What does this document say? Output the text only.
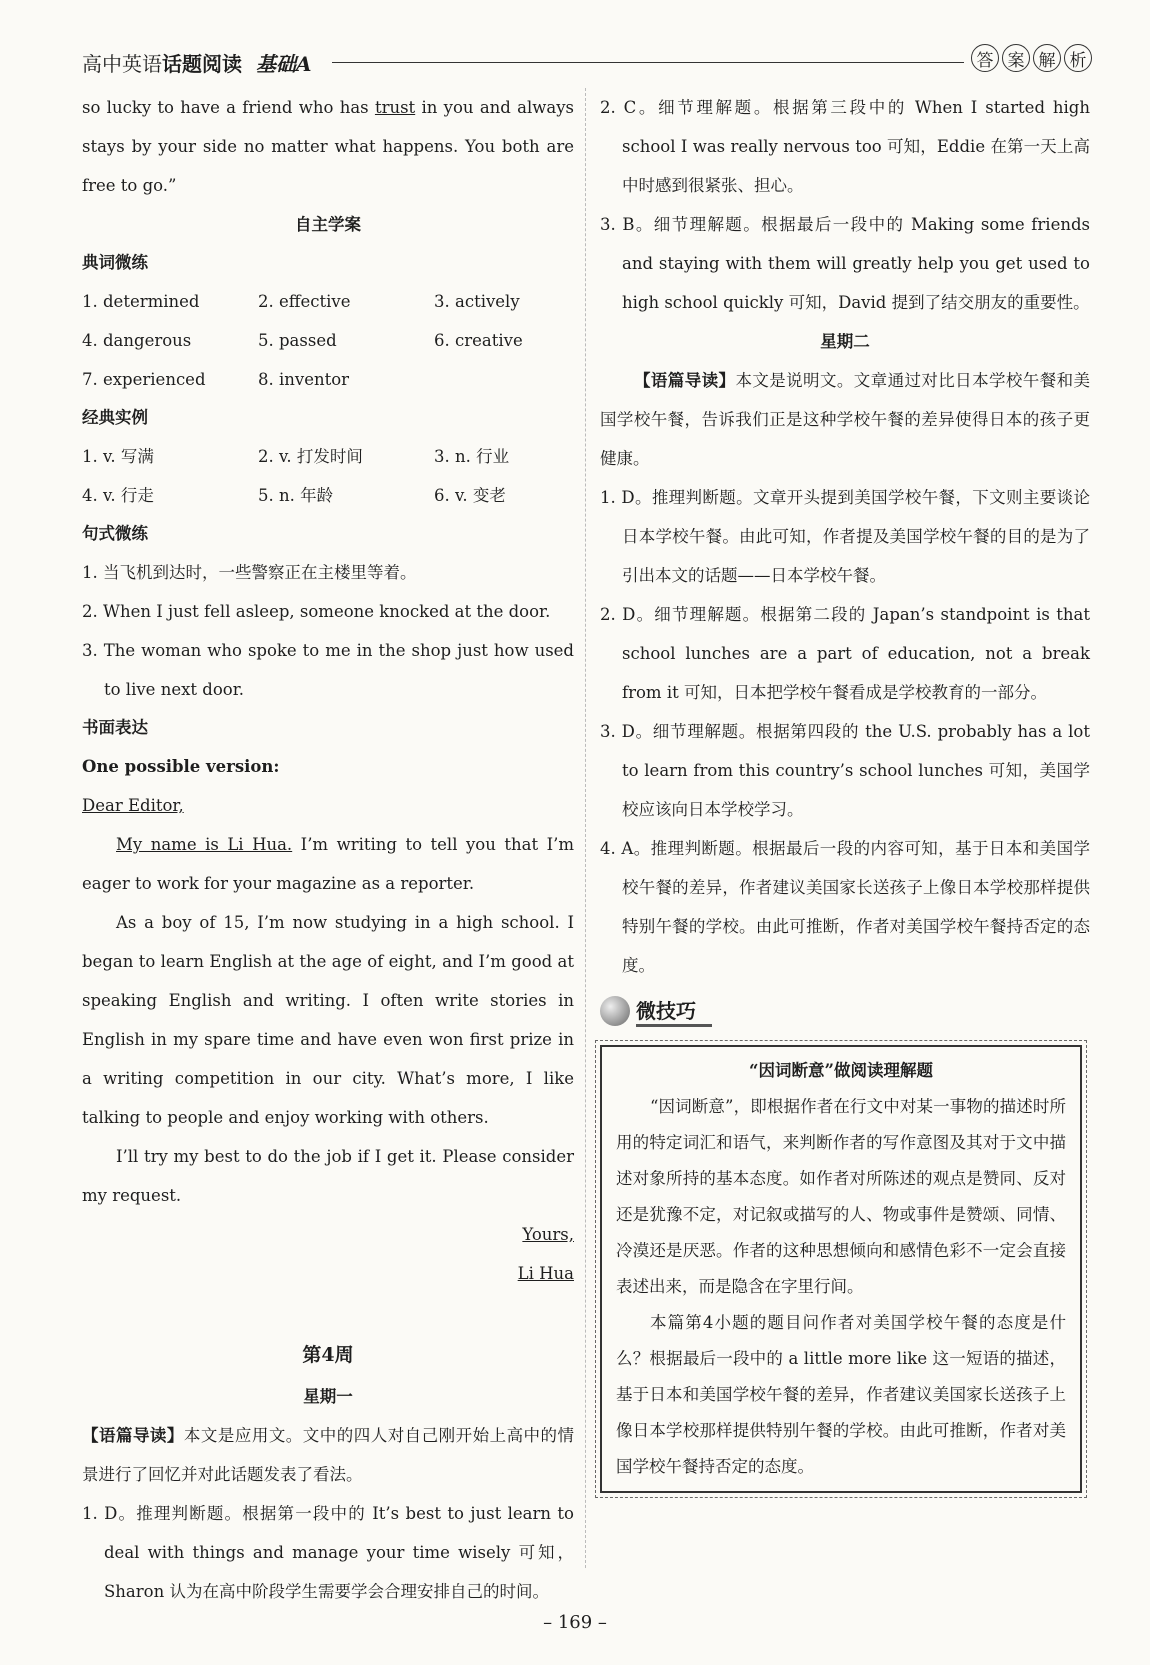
高中英语话题阅读 基础A	答 案 解 析

so lucky to have a friend who has trust in you and always stays by your side no matter what happens. You both are free to go.”

自主学案

典词微练

1. determined	2. effective	3. actively
4. dangerous	5. passed	6. creative
7. experienced	8. inventor

经典实例

1. v. 写满	2. v. 打发时间	3. n. 行业
4. v. 行走	5. n. 年龄	6. v. 变老

句式微练

1. 当飞机到达时，一些警察正在主楼里等着。

2. When I just fell asleep, someone knocked at the door.

3. The woman who spoke to me in the shop just how used to live next door.

书面表达

One possible version:

Dear Editor,

My name is Li Hua. I’m writing to tell you that I’m eager to work for your magazine as a reporter.

As a boy of 15, I’m now studying in a high school. I began to learn English at the age of eight, and I’m good at speaking English and writing. I often write stories in English in my spare time and have even won first prize in a writing competition in our city. What’s more, I like talking to people and enjoy working with others.

I’ll try my best to do the job if I get it. Please consider my request.

Yours,

Li Hua

第4周

星期一

【语篇导读】本文是应用文。文中的四人对自己刚开始上高中的情景进行了回忆并对此话题发表了看法。

1. D。推理判断题。根据第一段中的 It’s best to just learn to deal with things and manage your time wisely 可知，Sharon 认为在高中阶段学生需要学会合理安排自己的时间。

2. C。细节理解题。根据第三段中的 When I started high school I was really nervous too 可知，Eddie 在第一天上高中时感到很紧张、担心。

3. B。细节理解题。根据最后一段中的 Making some friends and staying with them will greatly help you get used to high school quickly 可知，David 提到了结交朋友的重要性。

星期二

【语篇导读】本文是说明文。文章通过对比日本学校午餐和美国学校午餐，告诉我们正是这种学校午餐的差异使得日本的孩子更健康。

1. D。推理判断题。文章开头提到美国学校午餐，下文则主要谈论日本学校午餐。由此可知，作者提及美国学校午餐的目的是为了引出本文的话题——日本学校午餐。

2. D。细节理解题。根据第二段的 Japan’s standpoint is that school lunches are a part of education, not a break from it 可知，日本把学校午餐看成是学校教育的一部分。

3. D。细节理解题。根据第四段的 the U.S. probably has a lot to learn from this country’s school lunches 可知，美国学校应该向日本学校学习。

4. A。推理判断题。根据最后一段的内容可知，基于日本和美国学校午餐的差异，作者建议美国家长送孩子上像日本学校那样提供特别午餐的学校。由此可推断，作者对美国学校午餐持否定的态度。

微技巧

“因词断意”做阅读理解题

“因词断意”，即根据作者在行文中对某一事物的描述时所用的特定词汇和语气，来判断作者的写作意图及其对于文中描述对象所持的基本态度。如作者对所陈述的观点是赞同、反对还是犹豫不定，对记叙或描写的人、物或事件是赞颂、同情、冷漠还是厌恶。作者的这种思想倾向和感情色彩不一定会直接表述出来，而是隐含在字里行间。

本篇第4小题的题目问作者对美国学校午餐的态度是什么？根据最后一段中的 a little more like 这一短语的描述，基于日本和美国学校午餐的差异，作者建议美国家长送孩子上像日本学校那样提供特别午餐的学校。由此可推断，作者对美国学校午餐持否定的态度。

– 169 –
